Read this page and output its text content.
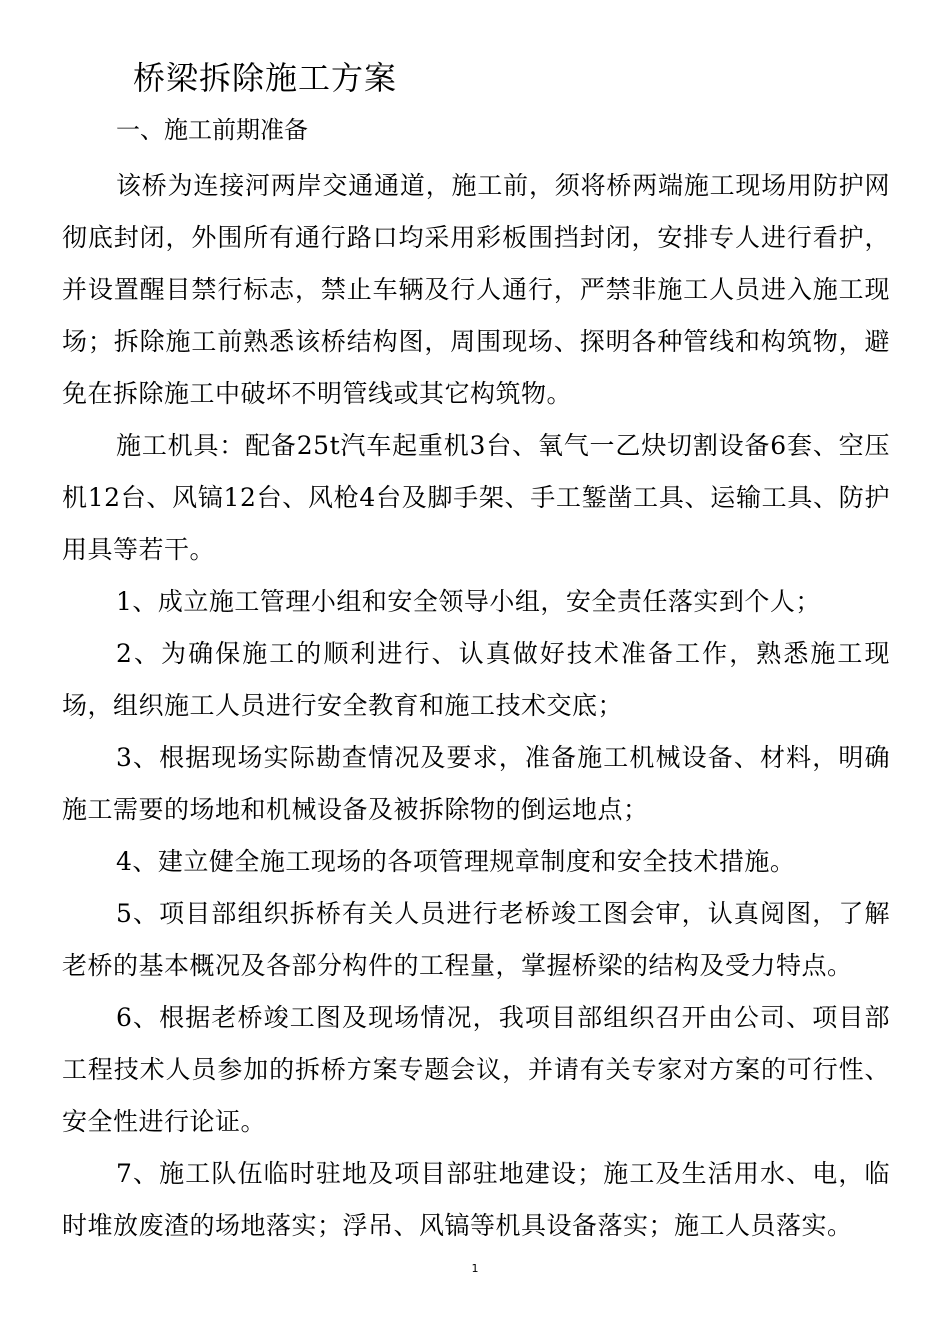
桥梁拆除施工方案
一、施工前期准备

该桥为连接河两岸交通通道，施工前，须将桥两端施工现场用防护网彻底封闭，外围所有通行路口均采用彩板围挡封闭，安排专人进行看护，并设置醒目禁行标志，禁止车辆及行人通行，严禁非施工人员进入施工现场；拆除施工前熟悉该桥结构图，周围现场、探明各种管线和构筑物，避免在拆除施工中破坏不明管线或其它构筑物。

施工机具：配备25t汽车起重机3台、氧气一乙炔切割设备6套、空压机12台、风镐12台、风枪4台及脚手架、手工錾凿工具、运输工具、防护用具等若干。

1、成立施工管理小组和安全领导小组，安全责任落实到个人；

2、为确保施工的顺利进行、认真做好技术准备工作，熟悉施工现场，组织施工人员进行安全教育和施工技术交底；

3、根据现场实际勘查情况及要求，准备施工机械设备、材料，明确施工需要的场地和机械设备及被拆除物的倒运地点；

4、建立健全施工现场的各项管理规章制度和安全技术措施。

5、项目部组织拆桥有关人员进行老桥竣工图会审，认真阅图，了解老桥的基本概况及各部分构件的工程量，掌握桥梁的结构及受力特点。

6、根据老桥竣工图及现场情况，我项目部组织召开由公司、项目部工程技术人员参加的拆桥方案专题会议，并请有关专家对方案的可行性、安全性进行论证。

7、施工队伍临时驻地及项目部驻地建设；施工及生活用水、电，临时堆放废渣的场地落实；浮吊、风镐等机具设备落实；施工人员落实。

1
